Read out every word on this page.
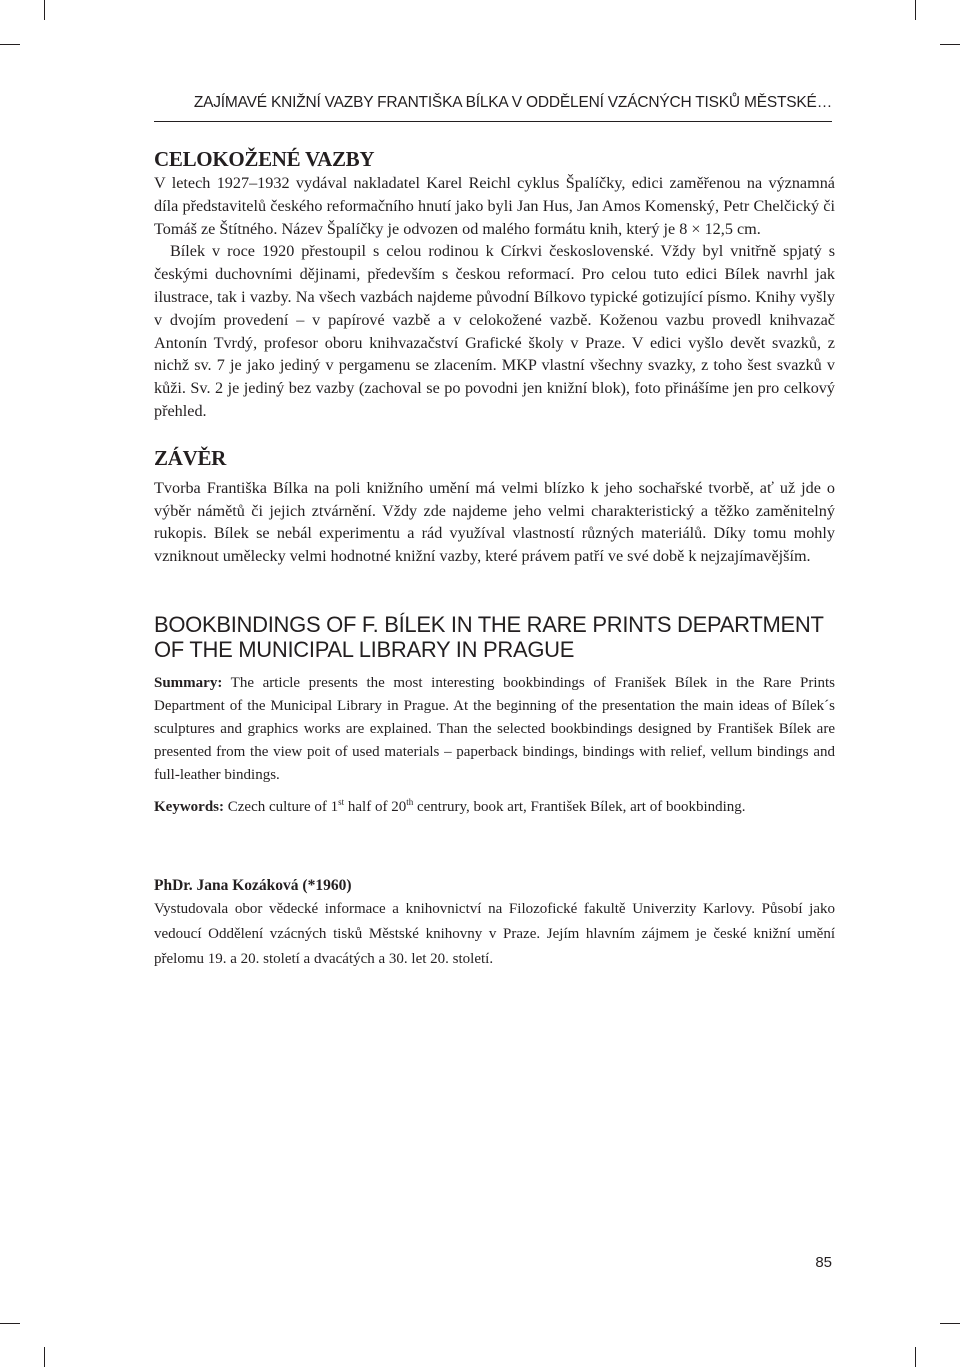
ZAJÍMAVÉ KNIŽNÍ VAZBY FRANTIŠKA BÍLKA V ODDĚLENÍ VZÁCNÝCH TISKŮ MĚSTSKÉ…
CELOKOŽENÉ VAZBY

V letech 1927–1932 vydával nakladatel Karel Reichl cyklus Špalíčky, edici zaměřenou na významná díla představitelů českého reformačního hnutí jako byli Jan Hus, Jan Amos Komenský, Petr Chelčický či Tomáš ze Štítného. Název Špalíčky je odvozen od malého formátu knih, který je 8 × 12,5 cm.

Bílek v roce 1920 přestoupil s celou rodinou k Církvi československé. Vždy byl vnitřně spjatý s českými duchovními dějinami, především s českou reformací. Pro celou tuto edici Bílek navrhl jak ilustrace, tak i vazby. Na všech vazbách najdeme původní Bílkovo typické gotizující písmo. Knihy vyšly v dvojím provedení – v papírové vazbě a v celokožené vazbě. Koženou vazbu provedl knihvazač Antonín Tvrdý, profesor oboru knihvazačství Grafické školy v Praze. V edici vyšlo devět svazků, z nichž sv. 7 je jako jediný v pergamenu se zlacením. MKP vlastní všechny svazky, z toho šest svazků v kůži. Sv. 2 je jediný bez vazby (zachoval se po povodni jen knižní blok), foto přinášíme jen pro celkový přehled.

ZÁVĚR

Tvorba Františka Bílka na poli knižního umění má velmi blízko k jeho sochařské tvorbě, ať už jde o výběr námětů či jejich ztvárnění. Vždy zde najdeme jeho velmi charakteristický a těžko zaměnitelný rukopis. Bílek se nebál experimentu a rád využíval vlastností různých materiálů. Díky tomu mohly vzniknout umělecky velmi hodnotné knižní vazby, které právem patří ve své době k nejzajímavějším.

BOOKBINDINGS OF F. BÍLEK IN THE RARE PRINTS DEPARTMENT OF THE MUNICIPAL LIBRARY IN PRAGUE

Summary: The article presents the most interesting bookbindings of Franišek Bílek in the Rare Prints Department of the Municipal Library in Prague. At the beginning of the presentation the main ideas of Bílek´s sculptures and graphics works are explained. Than the selected bookbindings designed by František Bílek are presented from the view poit of used materials – paperback bindings, bindings with relief, vellum bindings and full-leather bindings.

Keywords: Czech culture of 1st half of 20th centrury, book art, František Bílek, art of bookbinding.

PhDr. Jana Kozáková (*1960)

Vystudovala obor vědecké informace a knihovnictví na Filozofické fakultě Univerzity Karlovy. Působí jako vedoucí Oddělení vzácných tisků Městské knihovny v Praze. Jejím hlavním zájmem je české knižní umění přelomu 19. a 20. století a dvacátých a 30. let 20. století.

85
